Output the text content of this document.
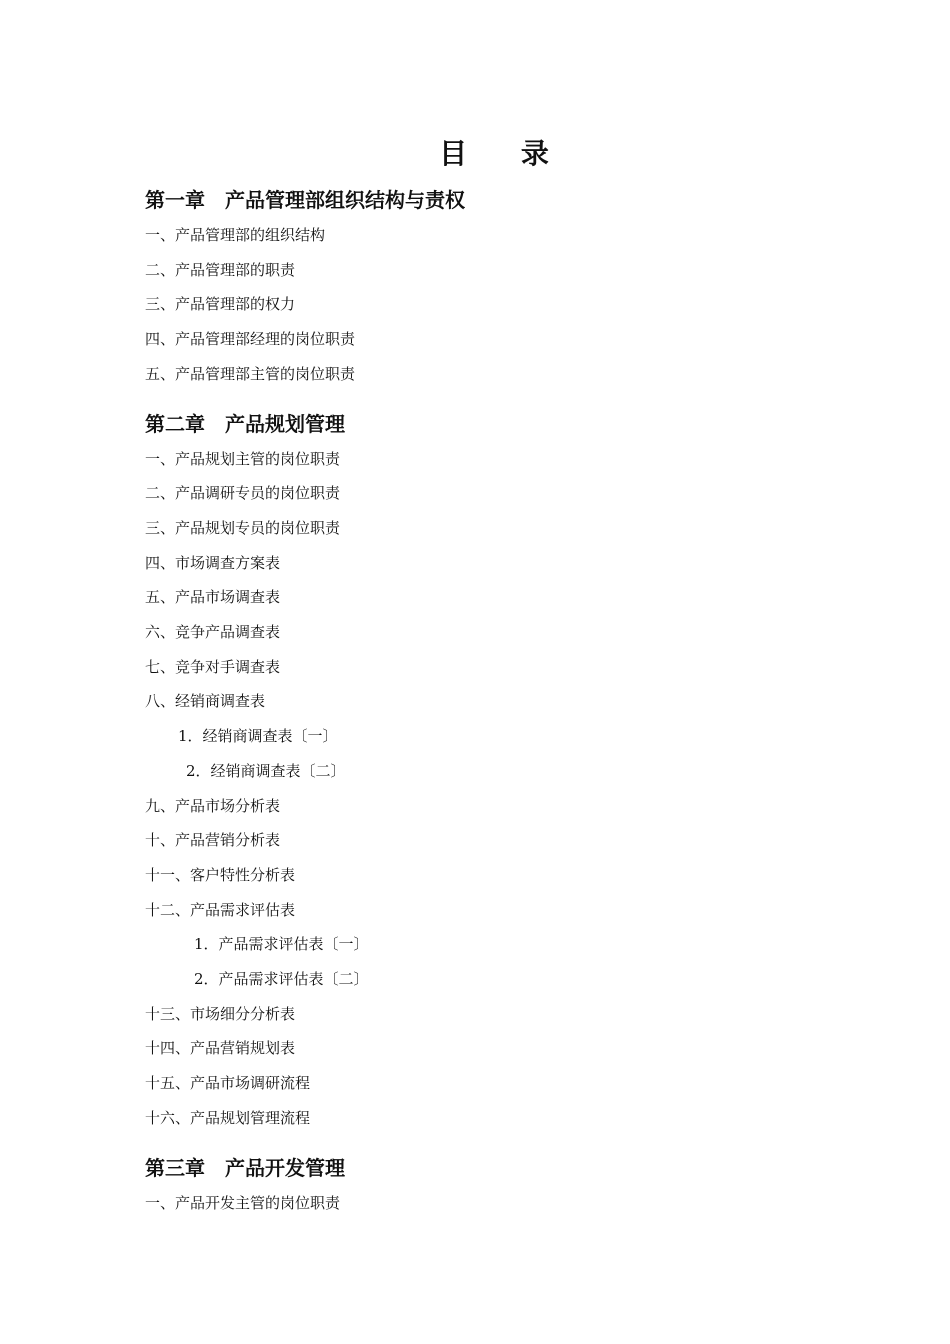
目 录
第一章　产品管理部组织结构与责权
一、产品管理部的组织结构
二、产品管理部的职责
三、产品管理部的权力
四、产品管理部经理的岗位职责
五、产品管理部主管的岗位职责
第二章　产品规划管理
一、产品规划主管的岗位职责
二、产品调研专员的岗位职责
三、产品规划专员的岗位职责
四、市场调查方案表
五、产品市场调查表
六、竞争产品调查表
七、竞争对手调查表
八、经销商调查表
1．经销商调查表〔一〕
2．经销商调查表〔二〕
九、产品市场分析表
十、产品营销分析表
十一、客户特性分析表
十二、产品需求评估表
1．产品需求评估表〔一〕
2．产品需求评估表〔二〕
十三、市场细分分析表
十四、产品营销规划表
十五、产品市场调研流程
十六、产品规划管理流程
第三章　产品开发管理
一、产品开发主管的岗位职责
